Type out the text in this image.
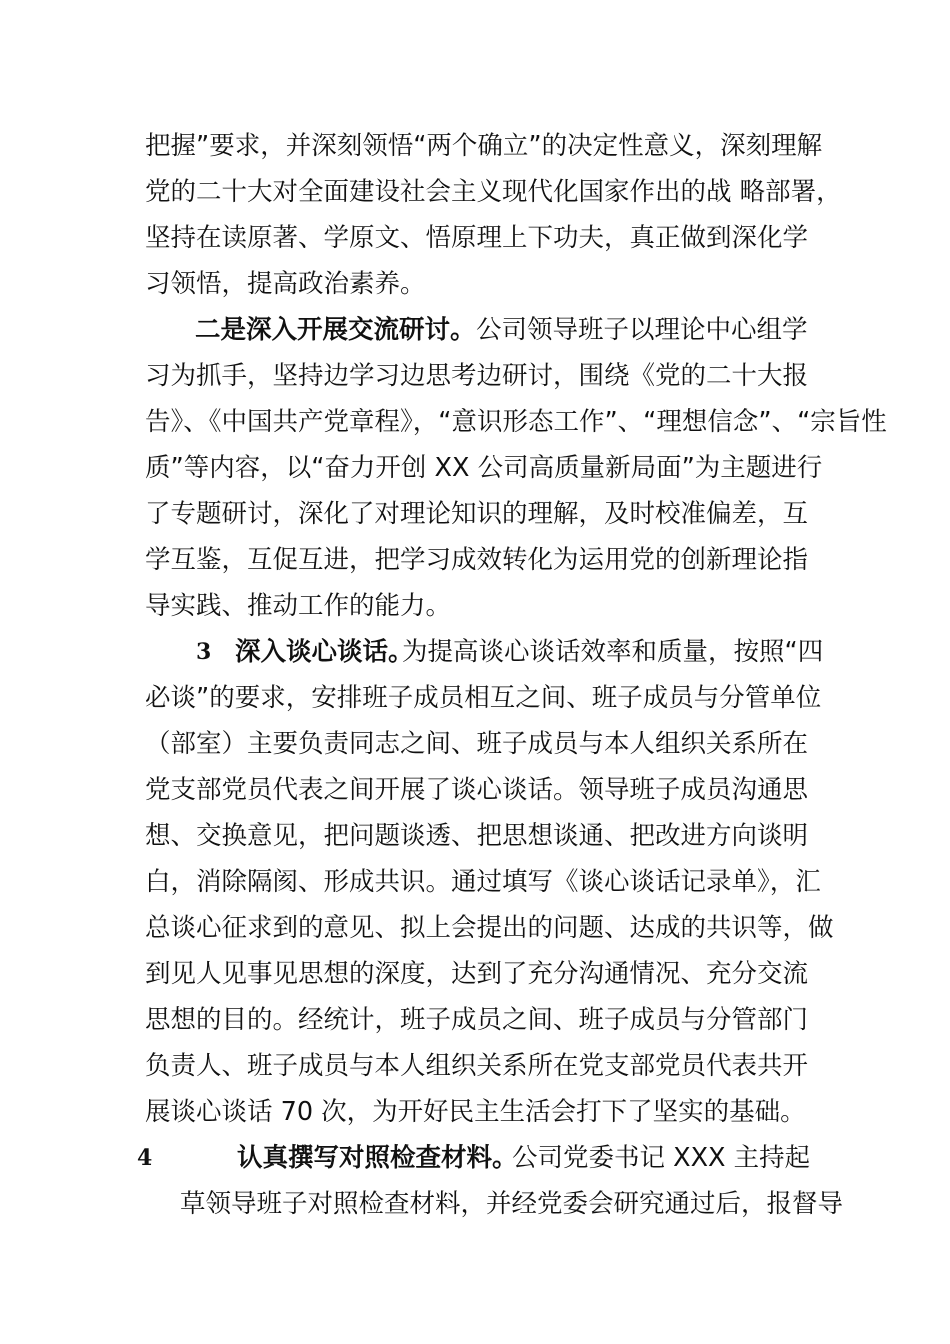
把握”要求，并深刻领悟“两个确立”的决定性意义，深刻理解
党的二十大对全面建设社会主义现代化国家作出的战 略部署，
坚持在读原著、学原文、悟原理上下功夫，真正做到深化学
习领悟，提高政治素养。
二是深入开展交流研讨。 公司领导班子以理论中心组学
习为抓手，坚持边学习边思考边研讨，围绕《党的二十大报
告》、《中国共产党章程》，“意识形态工作”、“理想信念”、“宗旨性
质”等内容，以“奋力开创 XX 公司高质量新局面”为主题进行
了专题研讨，深化了对理论知识的理解，及时校准偏差，互
学互鉴，互促互进，把学习成效转化为运用党的创新理论指
导实践、推动工作的能力。
3 深入谈心谈话。
为提高谈心谈话效率和质量，按照“四
必谈”的要求，安排班子成员相互之间、班子成员与分管单位
（部室）主要负责同志之间、班子成员与本人组织关系所在
党支部党员代表之间开展了谈心谈话。领导班子成员沟通思
想、交换意见，把问题谈透、把思想谈通、把改进方向谈明
白，消除隔阂、形成共识。通过填写《谈心谈话记录单》，汇
总谈心征求到的意见、拟上会提出的问题、达成的共识等，做
到见人见事见思想的深度，达到了充分沟通情况、充分交流
思想的目的。经统计，班子成员之间、班子成员与分管部门
负责人、班子成员与本人组织关系所在党支部党员代表共开
展谈心谈话 70 次，为开好民主生活会打下了坚实的基础。
4	认真撰写对照检查材料。
公司党委书记 XXX 主持起
草领导班子对照检查材料，并经党委会研究通过后，报督导
